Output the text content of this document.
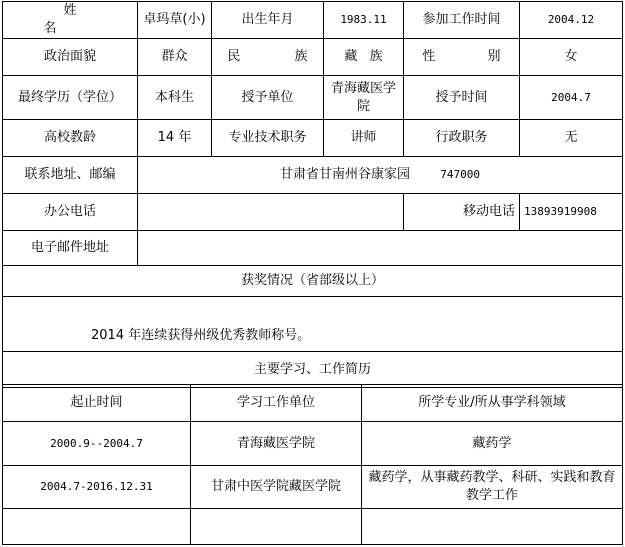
姓 名	卓玛草(小)	出生年月	1983.11	参加工作时间	2004.12
政治面貌	群众	民 族	藏 族	性 别	女
最终学历（学位）	本科生	授予单位	青海藏医学院	授予时间	2004.7
高校教龄	14 年	专业技术职务	讲师	行政职务	无
联系地址、邮编	甘肃省甘南州谷康家园 747000				
办公电话				移动电话	13893919908
电子邮件地址					
获奖情况（省部级以上）					
2014 年连续获得州级优秀教师称号。					
主要学习、工作简历					
起止时间	学习工作单位	所学专业/所从事学科领域
2000.9--2004.7	青海藏医学院	藏药学
2004.7-2016.12.31	甘肃中医学院藏医学院	藏药学，从事藏药教学、科研、实践和教育教学工作
